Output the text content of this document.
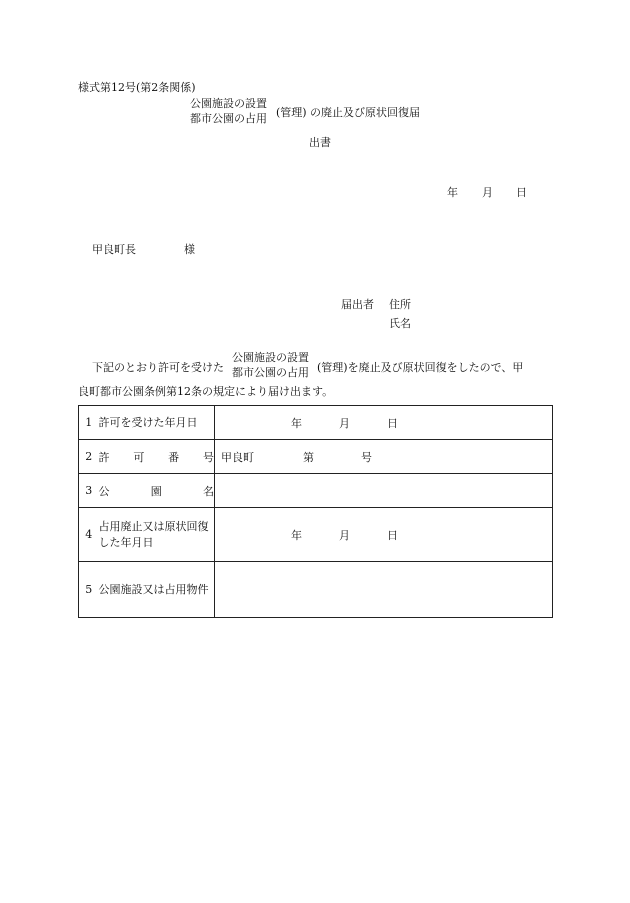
様式第12号(第2条関係)
公園施設の設置
都市公園の占用 (管理) の廃止及び原状回復届
出書
年 月 日
甲良町長	様
届出者 住所
氏名
下記のとおり許可を受けた
公園施設の設置
都市公園の占用 (管理)を廃止及び原状回復をしたので、甲
良町都市公園条例第12条の規定により届け出ます。
1	許可を受けた年月日	年 月 日

2	許 可 番 号	甲良町 第 号

3	公 園 名	

4	占用廃止又は原状回復した年月日	年 月 日

5	公園施設又は占用物件	
